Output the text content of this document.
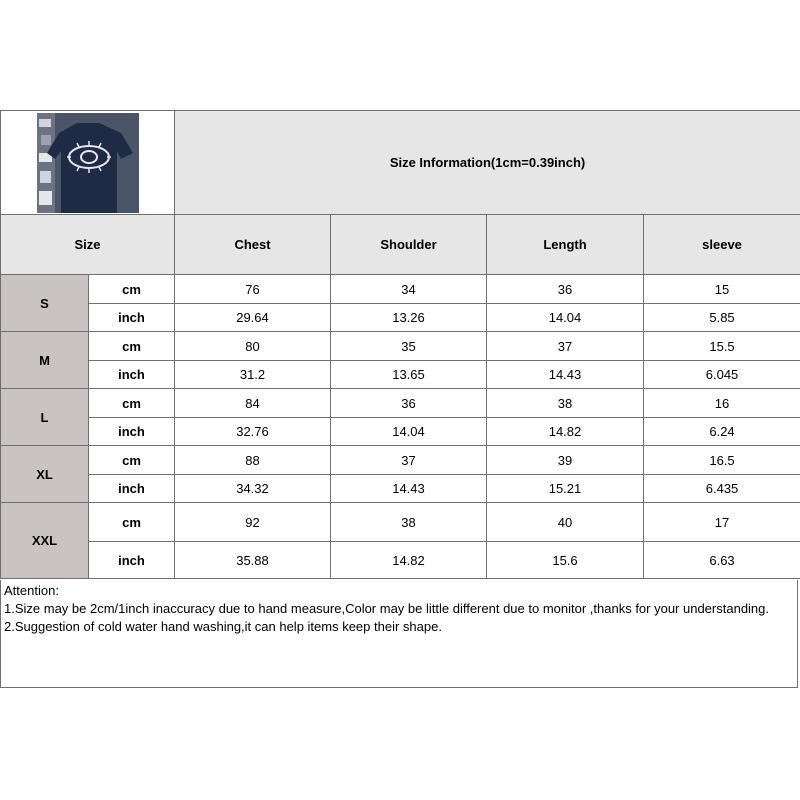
	Size Information(1cm=0.39inch)			
Size		Chest	Shoulder	Length	sleeve
S	cm	76	34	36	15
	inch	29.64	13.26	14.04	5.85
M	cm	80	35	37	15.5
	inch	31.2	13.65	14.43	6.045
L	cm	84	36	38	16
	inch	32.76	14.04	14.82	6.24
XL	cm	88	37	39	16.5
	inch	34.32	14.43	15.21	6.435
XXL	cm	92	38	40	17
	inch	35.88	14.82	15.6	6.63
Attention:
1.Size may be 2cm/1inch inaccuracy due to hand measure,Color may be little different due to monitor ,thanks for your understanding.
2.Suggestion of cold water hand washing,it can help items keep their shape.
